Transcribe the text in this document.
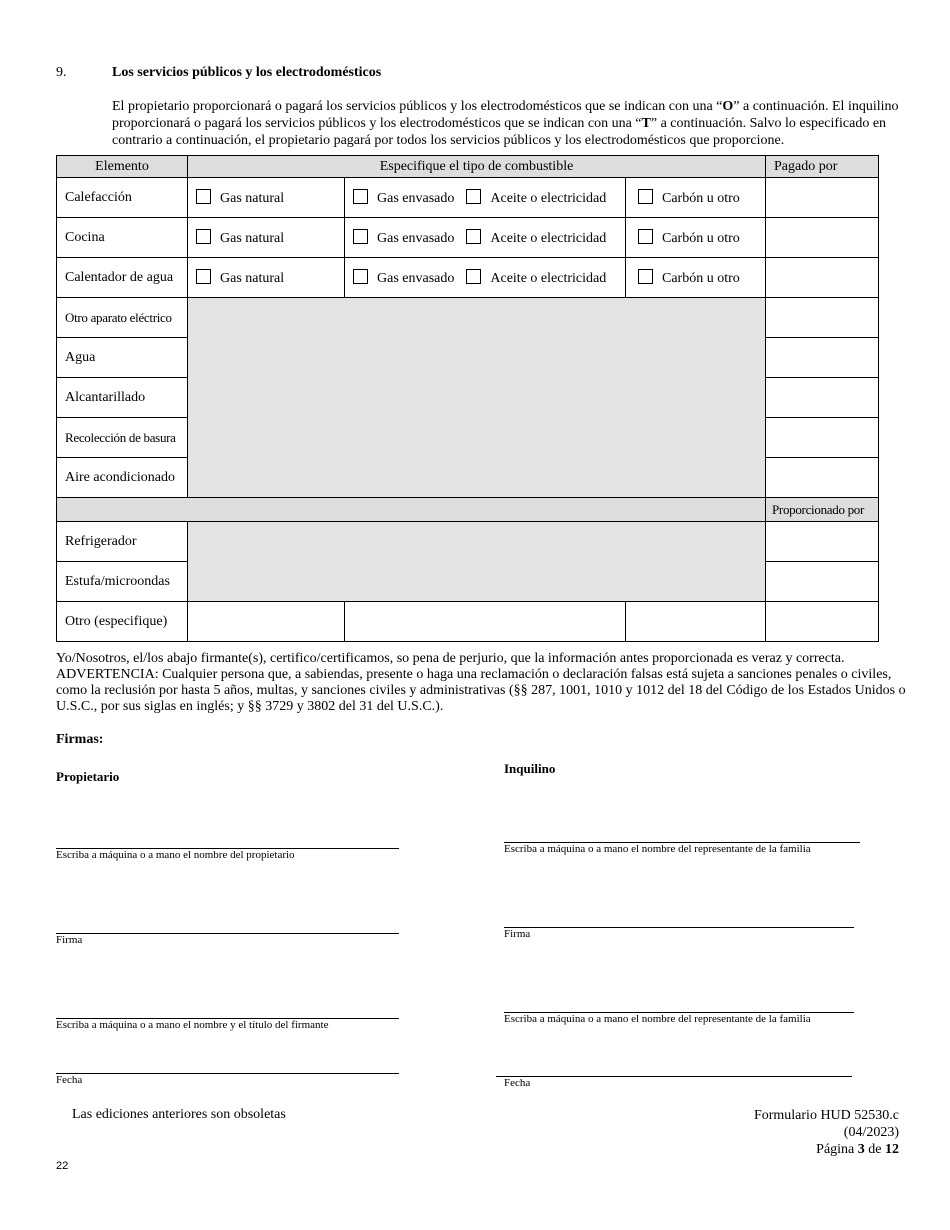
9.	Los servicios públicos y los electrodomésticos
El propietario proporcionará o pagará los servicios públicos y los electrodomésticos que se indican con una “O” a continuación. El inquilino proporcionará o pagará los servicios públicos y los electrodomésticos que se indican con una “T” a continuación. Salvo lo especificado en contrario a continuación, el propietario pagará por todos los servicios públicos y los electrodomésticos que proporcione.
Elemento	Especifique el tipo de combustible			Pagado por
Calefacción	Gas natural	Gas envasado Aceite o electricidad	Carbón u otro	
Cocina	Gas natural	Gas envasado Aceite o electricidad	Carbón u otro	
Calentador de agua	Gas natural	Gas envasado Aceite o electricidad	Carbón u otro	
Otro aparato eléctrico				
Agua				
Alcantarillado				
Recolección de basura				
Aire acondicionado				
				Proporcionado por
Refrigerador				
Estufa/microondas				
Otro (especifique)				
Yo/Nosotros, el/los abajo firmante(s), certifico/certificamos, so pena de perjurio, que la información antes proporcionada es veraz y correcta. ADVERTENCIA: Cualquier persona que, a sabiendas, presente o haga una reclamación o declaración falsas está sujeta a sanciones penales o civiles, como la reclusión por hasta 5 años, multas, y sanciones civiles y administrativas (§§ 287, 1001, 1010 y 1012 del 18 del Código de los Estados Unidos o U.S.C., por sus siglas en inglés; y §§ 3729 y 3802 del 31 del U.S.C.).
Firmas:
Propietario
Inquilino
Escriba a máquina o a mano el nombre del propietario
Firma
Escriba a máquina o a mano el nombre y el título del firmante
Fecha
Escriba a máquina o a mano el nombre del representante de la familia
Firma
Escriba a máquina o a mano el nombre del representante de la familia
Fecha
Las ediciones anteriores son obsoletas	Formulario HUD 52530.c
(04/2023)
Página 3 de 12
22
